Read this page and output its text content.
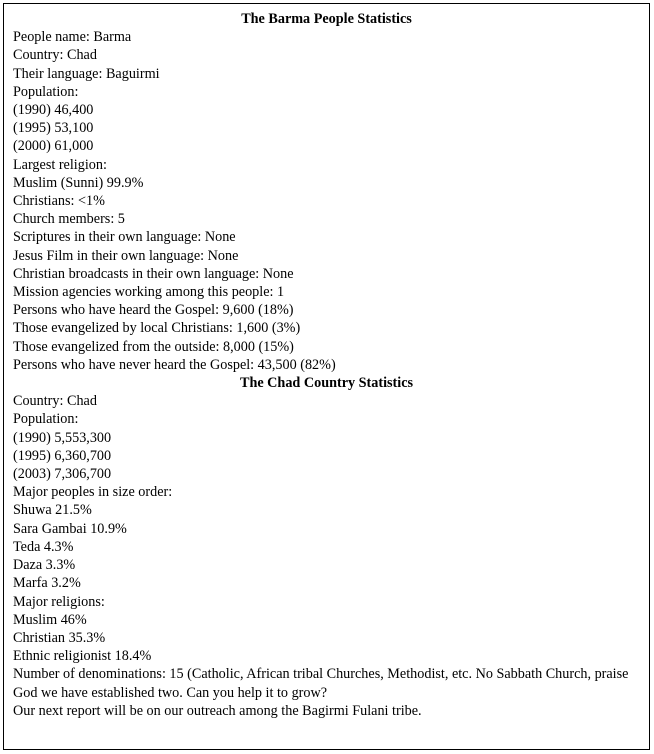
The Barma People Statistics
People name: Barma
Country: Chad
Their language: Baguirmi
Population:
(1990) 46,400
(1995) 53,100
(2000) 61,000
Largest religion:
Muslim (Sunni) 99.9%
Christians: <1%
Church members: 5
Scriptures in their own language: None
Jesus Film in their own language: None
Christian broadcasts in their own language: None
Mission agencies working among this people: 1
Persons who have heard the Gospel: 9,600 (18%)
Those evangelized by local Christians: 1,600 (3%)
Those evangelized from the outside: 8,000 (15%)
Persons who have never heard the Gospel: 43,500 (82%)
The Chad Country Statistics
Country: Chad
Population:
(1990) 5,553,300
(1995) 6,360,700
(2003) 7,306,700
Major peoples in size order:
Shuwa 21.5%
Sara Gambai 10.9%
Teda 4.3%
Daza 3.3%
Marfa 3.2%
Major religions:
Muslim 46%
Christian 35.3%
Ethnic religionist 18.4%
Number of denominations: 15 (Catholic, African tribal Churches, Methodist, etc. No Sabbath Church, praise God we have established two. Can you help it to grow?
Our next report will be on our outreach among the Bagirmi Fulani tribe.
